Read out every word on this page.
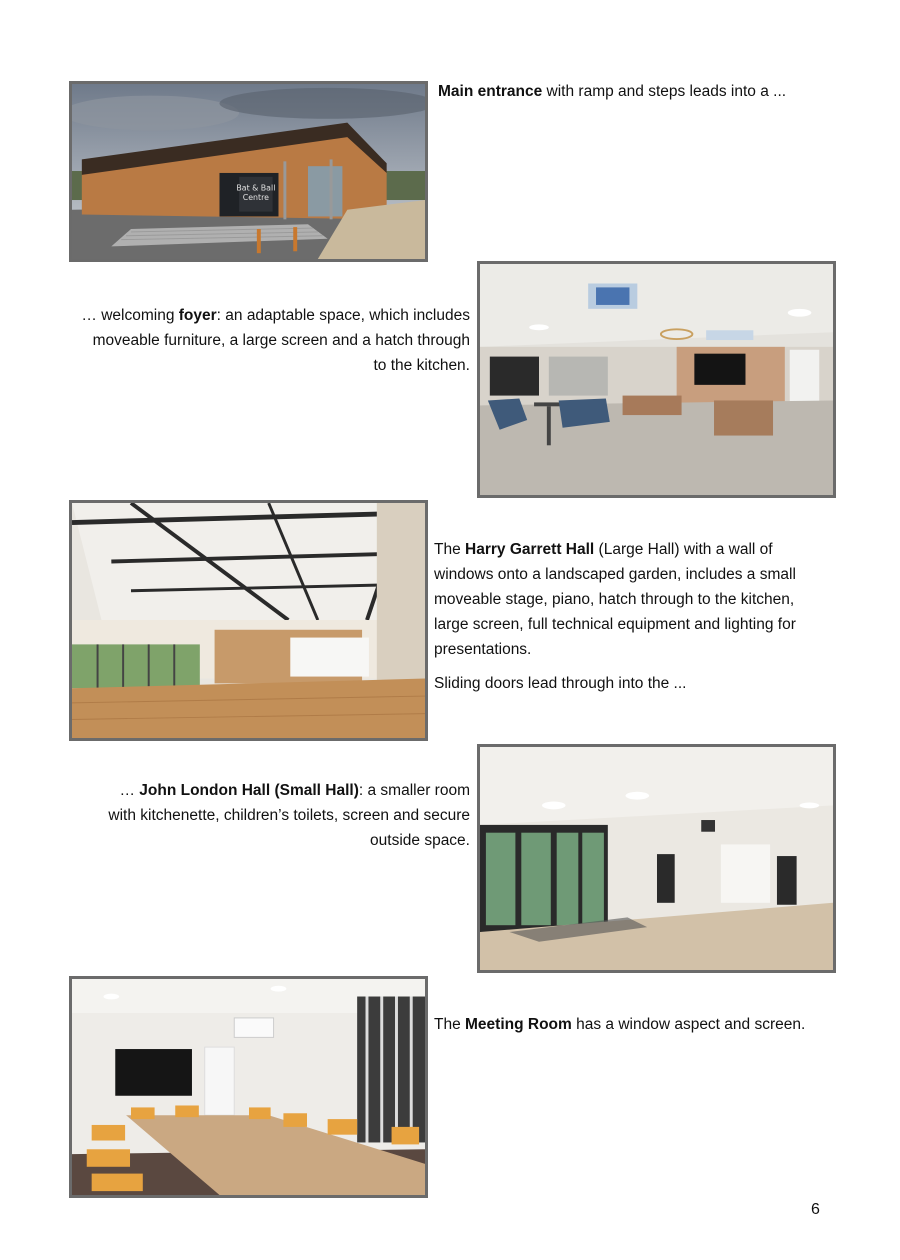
Bat & Ball
Centre
Main entrance with ramp and steps leads into a ...
… welcoming foyer: an adaptable space, which includes moveable furniture, a large screen and a hatch through to the kitchen.
The Harry Garrett Hall (Large Hall) with a wall of windows onto a landscaped garden, includes a small moveable stage, piano, hatch through to the kitchen, large screen, full technical equipment and lighting for presentations.
Sliding doors lead through into the ...
… John London Hall (Small Hall): a smaller room with kitchenette, children’s toilets, screen and secure outside space.
The Meeting Room has a window aspect and screen.
6
